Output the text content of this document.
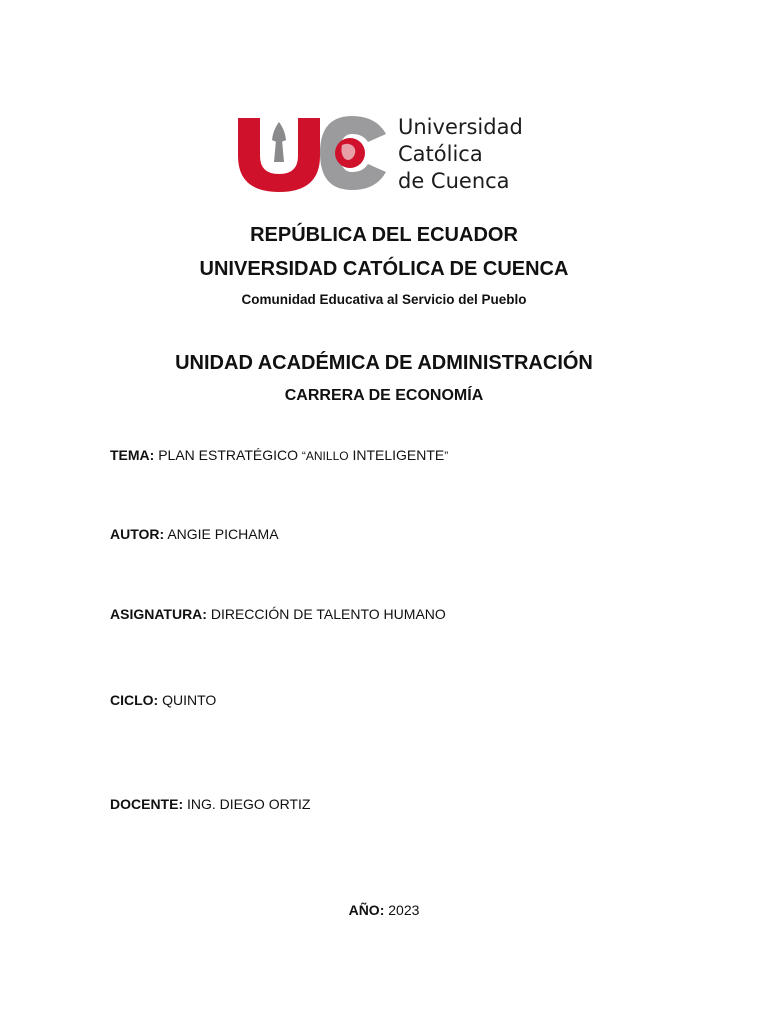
Universidad
Católica
de Cuenca
REPÚBLICA DEL ECUADOR
UNIVERSIDAD CATÓLICA DE CUENCA
Comunidad Educativa al Servicio del Pueblo
UNIDAD ACADÉMICA DE ADMINISTRACIÓN
CARRERA DE ECONOMÍA
TEMA: PLAN ESTRATÉGICO “ANILLO INTELIGENTE”
AUTOR: ANGIE PICHAMA
ASIGNATURA: DIRECCIÓN DE TALENTO HUMANO
CICLO: QUINTO
DOCENTE: ING. DIEGO ORTIZ
AÑO: 2023
